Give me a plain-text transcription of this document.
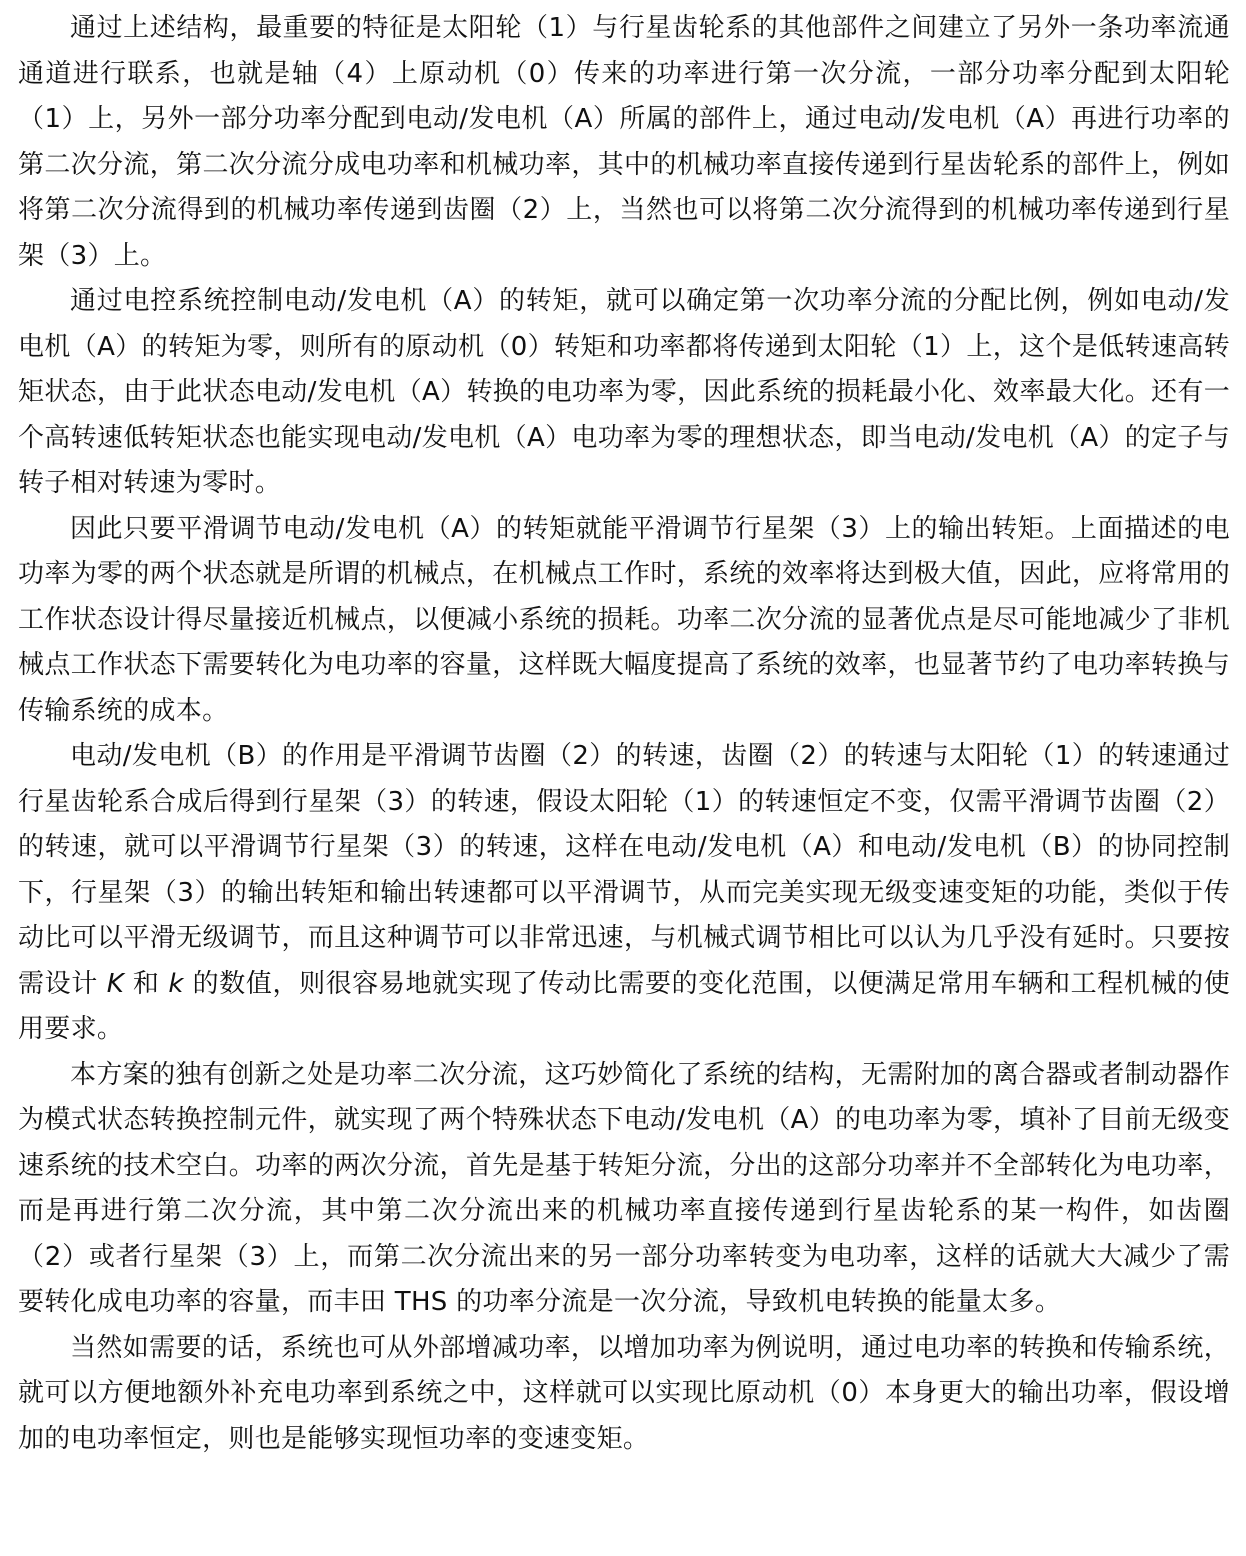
通过上述结构，最重要的特征是太阳轮（1）与行星齿轮系的其他部件之间建立了另外一条功率流通通道进行联系，也就是轴（4）上原动机（0）传来的功率进行第一次分流，一部分功率分配到太阳轮（1）上，另外一部分功率分配到电动/发电机（A）所属的部件上，通过电动/发电机（A）再进行功率的第二次分流，第二次分流分成电功率和机械功率，其中的机械功率直接传递到行星齿轮系的部件上，例如将第二次分流得到的机械功率传递到齿圈（2）上，当然也可以将第二次分流得到的机械功率传递到行星架（3）上。

通过电控系统控制电动/发电机（A）的转矩，就可以确定第一次功率分流的分配比例，例如电动/发电机（A）的转矩为零，则所有的原动机（0）转矩和功率都将传递到太阳轮（1）上，这个是低转速高转矩状态，由于此状态电动/发电机（A）转换的电功率为零，因此系统的损耗最小化、效率最大化。还有一个高转速低转矩状态也能实现电动/发电机（A）电功率为零的理想状态，即当电动/发电机（A）的定子与转子相对转速为零时。

因此只要平滑调节电动/发电机（A）的转矩就能平滑调节行星架（3）上的输出转矩。上面描述的电功率为零的两个状态就是所谓的机械点，在机械点工作时，系统的效率将达到极大值，因此，应将常用的工作状态设计得尽量接近机械点，以便减小系统的损耗。功率二次分流的显著优点是尽可能地减少了非机械点工作状态下需要转化为电功率的容量，这样既大幅度提高了系统的效率，也显著节约了电功率转换与传输系统的成本。

电动/发电机（B）的作用是平滑调节齿圈（2）的转速，齿圈（2）的转速与太阳轮（1）的转速通过行星齿轮系合成后得到行星架（3）的转速，假设太阳轮（1）的转速恒定不变，仅需平滑调节齿圈（2）的转速，就可以平滑调节行星架（3）的转速，这样在电动/发电机（A）和电动/发电机（B）的协同控制下，行星架（3）的输出转矩和输出转速都可以平滑调节，从而完美实现无级变速变矩的功能，类似于传动比可以平滑无级调节，而且这种调节可以非常迅速，与机械式调节相比可以认为几乎没有延时。只要按需设计 K 和 k 的数值，则很容易地就实现了传动比需要的变化范围，以便满足常用车辆和工程机械的使用要求。

本方案的独有创新之处是功率二次分流，这巧妙简化了系统的结构，无需附加的离合器或者制动器作为模式状态转换控制元件，就实现了两个特殊状态下电动/发电机（A）的电功率为零，填补了目前无级变速系统的技术空白。功率的两次分流，首先是基于转矩分流，分出的这部分功率并不全部转化为电功率，而是再进行第二次分流，其中第二次分流出来的机械功率直接传递到行星齿轮系的某一构件，如齿圈（2）或者行星架（3）上，而第二次分流出来的另一部分功率转变为电功率，这样的话就大大减少了需要转化成电功率的容量，而丰田 THS 的功率分流是一次分流，导致机电转换的能量太多。

当然如需要的话，系统也可从外部增减功率，以增加功率为例说明，通过电功率的转换和传输系统，就可以方便地额外补充电功率到系统之中，这样就可以实现比原动机（0）本身更大的输出功率，假设增加的电功率恒定，则也是能够实现恒功率的变速变矩。
